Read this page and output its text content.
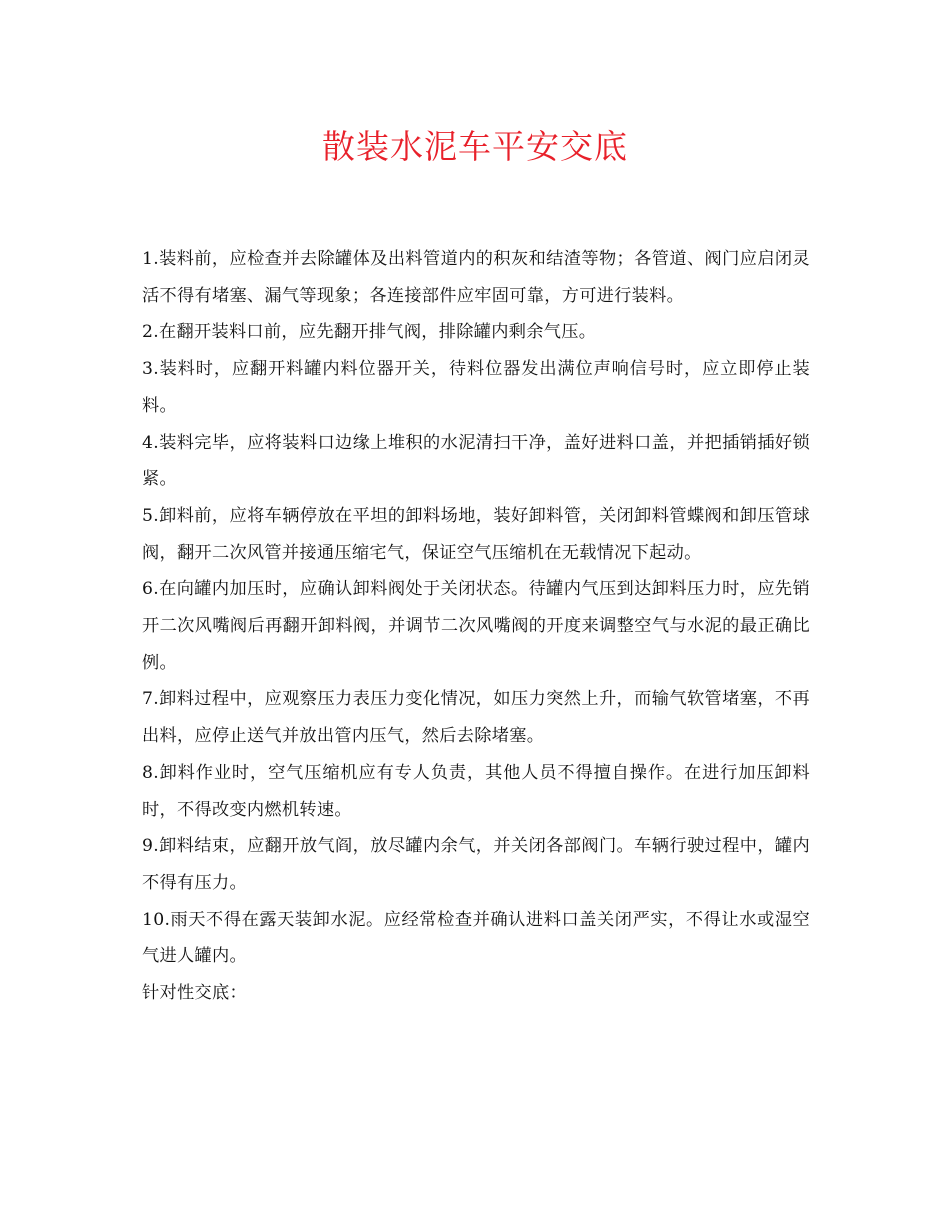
散装水泥车平安交底

1.装料前，应检查并去除罐体及出料管道内的积灰和结渣等物；各管道、阀门应启闭灵活不得有堵塞、漏气等现象；各连接部件应牢固可靠，方可进行装料。

2.在翻开装料口前，应先翻开排气阀，排除罐内剩余气压。

3.装料时，应翻开料罐内料位器开关，待料位器发出满位声响信号时，应立即停止装料。

4.装料完毕，应将装料口边缘上堆积的水泥清扫干净，盖好进料口盖，并把插销插好锁紧。

5.卸料前，应将车辆停放在平坦的卸料场地，装好卸料管，关闭卸料管蝶阀和卸压管球阀，翻开二次风管并接通压缩宅气，保证空气压缩机在无载情况下起动。

6.在向罐内加压时，应确认卸料阀处于关闭状态。待罐内气压到达卸料压力时，应先销开二次风嘴阀后再翻开卸料阀，并调节二次风嘴阀的开度来调整空气与水泥的最正确比例。

7.卸料过程中，应观察压力表压力变化情况，如压力突然上升，而输气软管堵塞，不再出料，应停止送气并放出管内压气，然后去除堵塞。

8.卸料作业时，空气压缩机应有专人负责，其他人员不得擅自操作。在进行加压卸料时，不得改变内燃机转速。

9.卸料结束，应翻开放气阎，放尽罐内余气，并关闭各部阀门。车辆行驶过程中，罐内不得有压力。

10.雨天不得在露天装卸水泥。应经常检查并确认进料口盖关闭严实，不得让水或湿空气进人罐内。

针对性交底：
